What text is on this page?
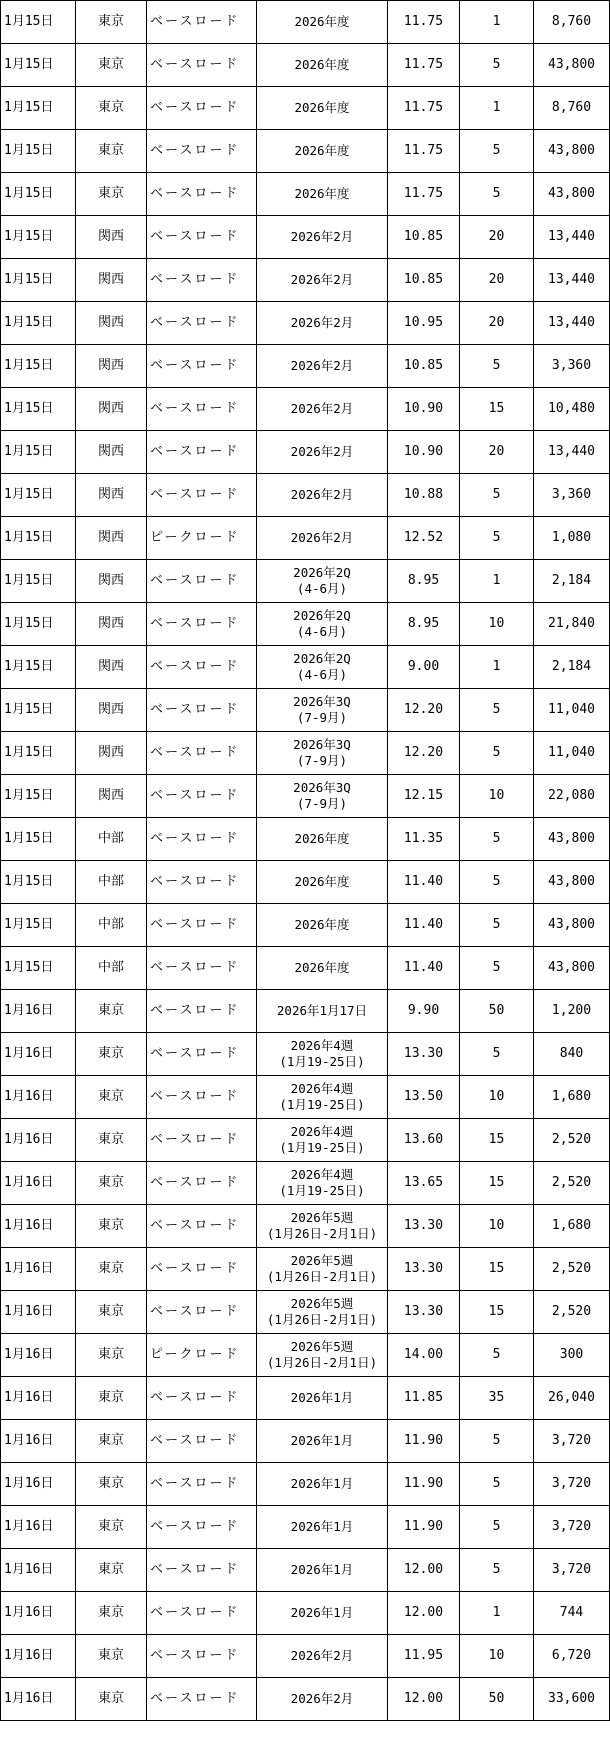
1月15日	東京	ベースロード	2026年度	11.75	1	8,760
1月15日	東京	ベースロード	2026年度	11.75	5	43,800
1月15日	東京	ベースロード	2026年度	11.75	1	8,760
1月15日	東京	ベースロード	2026年度	11.75	5	43,800
1月15日	東京	ベースロード	2026年度	11.75	5	43,800
1月15日	関西	ベースロード	2026年2月	10.85	20	13,440
1月15日	関西	ベースロード	2026年2月	10.85	20	13,440
1月15日	関西	ベースロード	2026年2月	10.95	20	13,440
1月15日	関西	ベースロード	2026年2月	10.85	5	3,360
1月15日	関西	ベースロード	2026年2月	10.90	15	10,480
1月15日	関西	ベースロード	2026年2月	10.90	20	13,440
1月15日	関西	ベースロード	2026年2月	10.88	5	3,360
1月15日	関西	ピークロード	2026年2月	12.52	5	1,080
1月15日	関西	ベースロード	2026年2Q
(4-6月)	8.95	1	2,184
1月15日	関西	ベースロード	2026年2Q
(4-6月)	8.95	10	21,840
1月15日	関西	ベースロード	2026年2Q
(4-6月)	9.00	1	2,184
1月15日	関西	ベースロード	2026年3Q
(7-9月)	12.20	5	11,040
1月15日	関西	ベースロード	2026年3Q
(7-9月)	12.20	5	11,040
1月15日	関西	ベースロード	2026年3Q
(7-9月)	12.15	10	22,080
1月15日	中部	ベースロード	2026年度	11.35	5	43,800
1月15日	中部	ベースロード	2026年度	11.40	5	43,800
1月15日	中部	ベースロード	2026年度	11.40	5	43,800
1月15日	中部	ベースロード	2026年度	11.40	5	43,800
1月16日	東京	ベースロード	2026年1月17日	9.90	50	1,200
1月16日	東京	ベースロード	2026年4週
(1月19-25日)	13.30	5	840
1月16日	東京	ベースロード	2026年4週
(1月19-25日)	13.50	10	1,680
1月16日	東京	ベースロード	2026年4週
(1月19-25日)	13.60	15	2,520
1月16日	東京	ベースロード	2026年4週
(1月19-25日)	13.65	15	2,520
1月16日	東京	ベースロード	2026年5週
(1月26日-2月1日)	13.30	10	1,680
1月16日	東京	ベースロード	2026年5週
(1月26日-2月1日)	13.30	15	2,520
1月16日	東京	ベースロード	2026年5週
(1月26日-2月1日)	13.30	15	2,520
1月16日	東京	ピークロード	2026年5週
(1月26日-2月1日)	14.00	5	300
1月16日	東京	ベースロード	2026年1月	11.85	35	26,040
1月16日	東京	ベースロード	2026年1月	11.90	5	3,720
1月16日	東京	ベースロード	2026年1月	11.90	5	3,720
1月16日	東京	ベースロード	2026年1月	11.90	5	3,720
1月16日	東京	ベースロード	2026年1月	12.00	5	3,720
1月16日	東京	ベースロード	2026年1月	12.00	1	744
1月16日	東京	ベースロード	2026年2月	11.95	10	6,720
1月16日	東京	ベースロード	2026年2月	12.00	50	33,600
